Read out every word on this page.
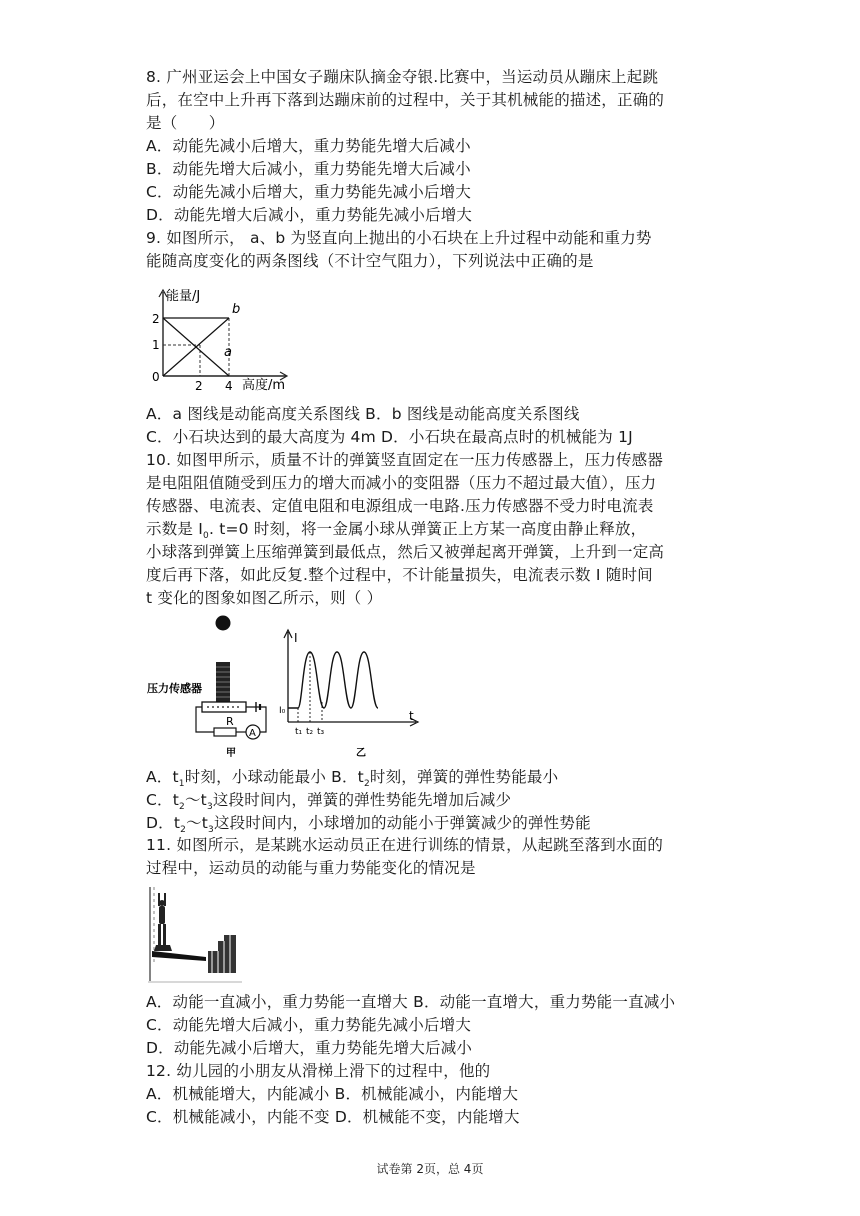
8. 广州亚运会上中国女子蹦床队摘金夺银.比赛中，当运动员从蹦床上起跳
后，在空中上升再下落到达蹦床前的过程中，关于其机械能的描述，正确的
是（　　）
A．动能先减小后增大，重力势能先增大后减小
B．动能先增大后减小，重力势能先增大后减小
C．动能先减小后增大，重力势能先减小后增大
D．动能先增大后减小，重力势能先减小后增大
9. 如图所示， a、b 为竖直向上抛出的小石块在上升过程中动能和重力势
能随高度变化的两条图线（不计空气阻力），下列说法中正确的是
能量/J
2
1
0
2 4 高度/m
b
a
A．a 图线是动能高度关系图线 B．b 图线是动能高度关系图线
C．小石块达到的最大高度为 4m D．小石块在最高点时的机械能为 1J
10. 如图甲所示，质量不计的弹簧竖直固定在一压力传感器上，压力传感器
是电阻阻值随受到压力的增大而减小的变阻器（压力不超过最大值），压力
传感器、电流表、定值电阻和电源组成一电路.压力传感器不受力时电流表
示数是 $I_0$. t=0 时刻，将一金属小球从弹簧正上方某一高度由静止释放，
小球落到弹簧上压缩弹簧到最低点，然后又被弹起离开弹簧，上升到一定高
度后再下落，如此反复.整个过程中，不计能量损失，电流表示数 I 随时间
t 变化的图象如图乙所示，则（ ）
A
压力传感器
R
甲
I
t
I₀
t₁ t₂ t₃
乙
A．$t_1$时刻，小球动能最小 B．$t_2$时刻，弹簧的弹性势能最小
C．$t_2\sim t_3$这段时间内，弹簧的弹性势能先增加后减少
D．$t_2\sim t_3$这段时间内，小球增加的动能小于弹簧减少的弹性势能
11. 如图所示，是某跳水运动员正在进行训练的情景，从起跳至落到水面的
过程中，运动员的动能与重力势能变化的情况是
A．动能一直减小，重力势能一直增大 B．动能一直增大，重力势能一直减小
C．动能先增大后减小，重力势能先减小后增大
D．动能先减小后增大，重力势能先增大后减小
12. 幼儿园的小朋友从滑梯上滑下的过程中，他的
A．机械能增大，内能减小 B．机械能减小，内能增大
C．机械能减小，内能不变 D．机械能不变，内能增大
试卷第 2页，总 4页
